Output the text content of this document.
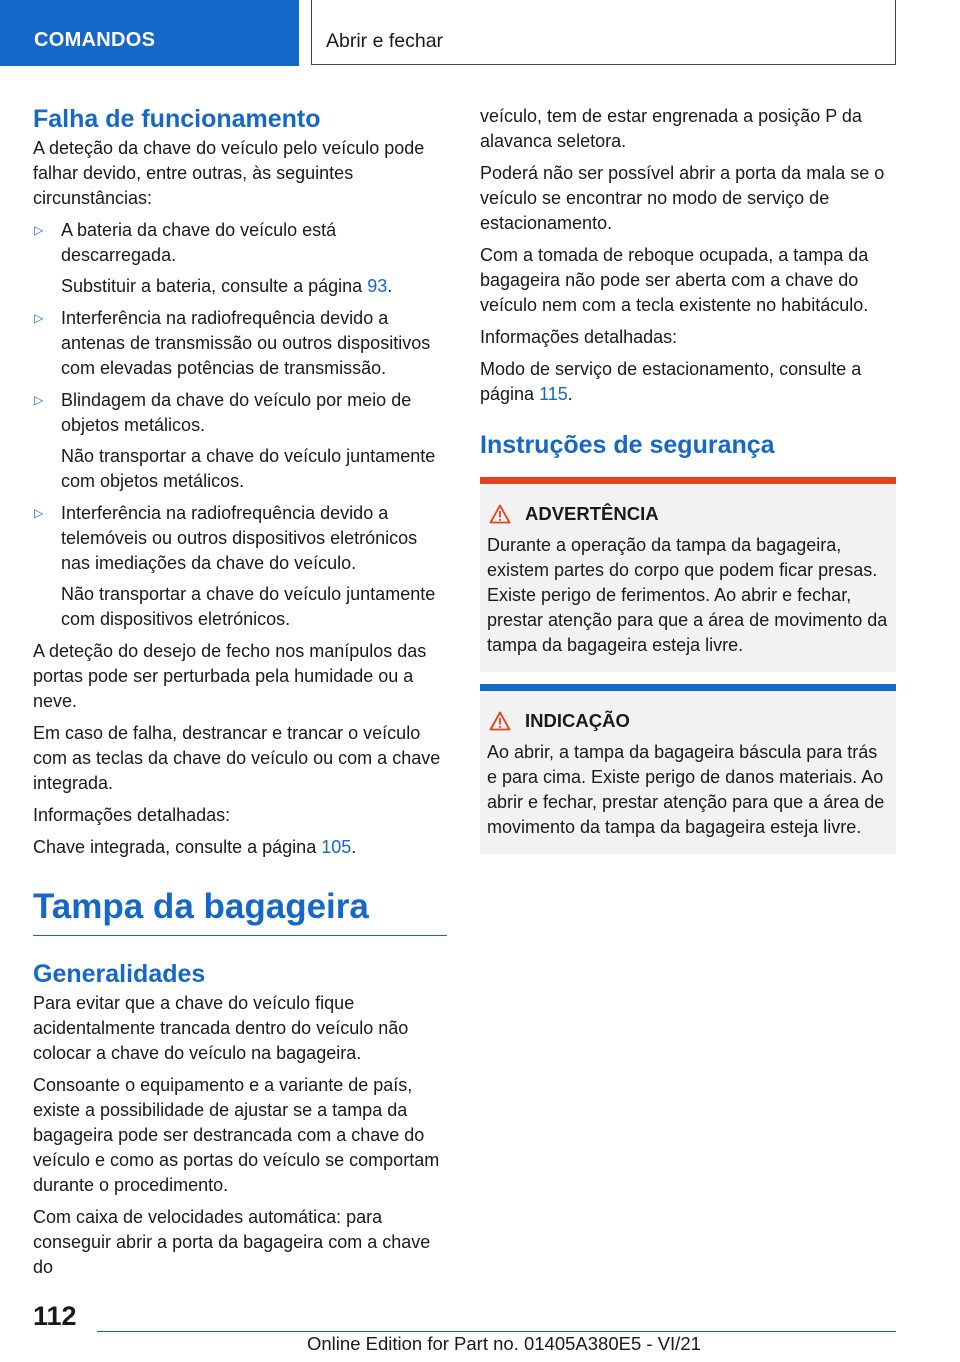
COMANDOS	Abrir e fechar
Falha de funcionamento

A deteção da chave do veículo pelo veículo pode falhar devido, entre outras, às seguintes circunstâncias:

▷ A bateria da chave do veículo está descarregada.

Substituir a bateria, consulte a página 93.

▷ Interferência na radiofrequência devido a antenas de transmissão ou outros dispositivos com elevadas potências de transmissão.
▷ Blindagem da chave do veículo por meio de objetos metálicos.

Não transportar a chave do veículo juntamente com objetos metálicos.

▷ Interferência na radiofrequência devido a telemóveis ou outros dispositivos eletrónicos nas imediações da chave do veículo.

Não transportar a chave do veículo juntamente com dispositivos eletrónicos.

A deteção do desejo de fecho nos manípulos das portas pode ser perturbada pela humidade ou a neve.

Em caso de falha, destrancar e trancar o veículo com as teclas da chave do veículo ou com a chave integrada.

Informações detalhadas:

Chave integrada, consulte a página 105.

Tampa da bagageira
Generalidades

Para evitar que a chave do veículo fique acidentalmente trancada dentro do veículo não colocar a chave do veículo na bagageira.

Consoante o equipamento e a variante de país, existe a possibilidade de ajustar se a tampa da bagageira pode ser destrancada com a chave do veículo e como as portas do veículo se comportam durante o procedimento.

Com caixa de velocidades automática: para conseguir abrir a porta da bagageira com a chave do

veículo, tem de estar engrenada a posição P da alavanca seletora.

Poderá não ser possível abrir a porta da mala se o veículo se encontrar no modo de serviço de estacionamento.

Com a tomada de reboque ocupada, a tampa da bagageira não pode ser aberta com a chave do veículo nem com a tecla existente no habitáculo.

Informações detalhadas:

Modo de serviço de estacionamento, consulte a página 115.

Instruções de segurança
ADVERTÊNCIA

Durante a operação da tampa da bagageira, existem partes do corpo que podem ficar presas. Existe perigo de ferimentos. Ao abrir e fechar, prestar atenção para que a área de movimento da tampa da bagageira esteja livre.

INDICAÇÃO

Ao abrir, a tampa da bagageira báscula para trás e para cima. Existe perigo de danos materiais. Ao abrir e fechar, prestar atenção para que a área de movimento da tampa da bagageira esteja livre.

112
Online Edition for Part no. 01405A380E5 - VI/21
